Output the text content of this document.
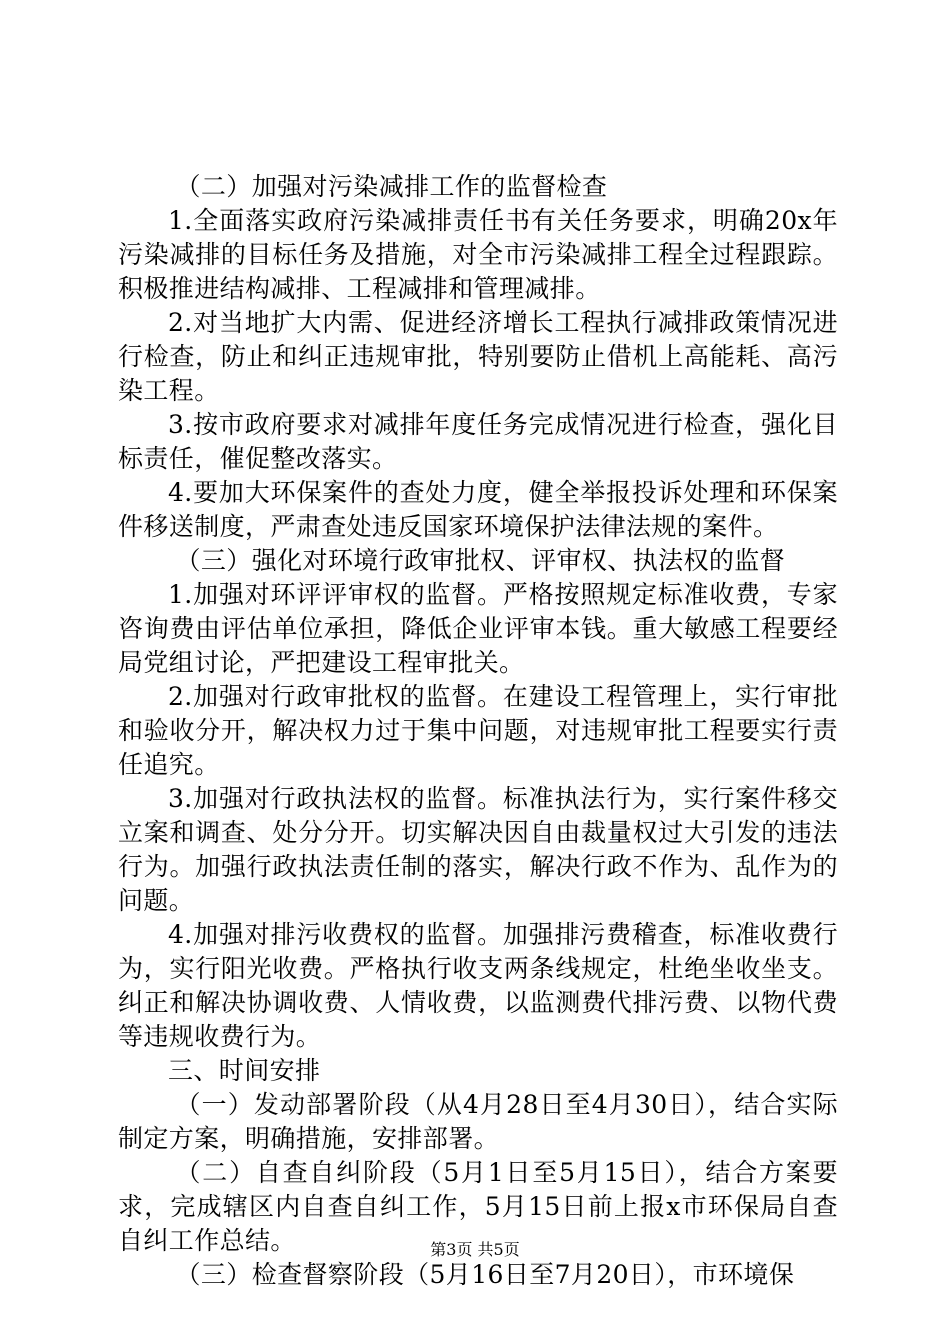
（二）加强对污染减排工作的监督检查

1.全面落实政府污染减排责任书有关任务要求，明确20x年污染减排的目标任务及措施，对全市污染减排工程全过程跟踪。积极推进结构减排、工程减排和管理减排。

2.对当地扩大内需、促进经济增长工程执行减排政策情况进行检查，防止和纠正违规审批，特别要防止借机上高能耗、高污染工程。

3.按市政府要求对减排年度任务完成情况进行检查，强化目标责任，催促整改落实。

4.要加大环保案件的查处力度，健全举报投诉处理和环保案件移送制度，严肃查处违反国家环境保护法律法规的案件。

（三）强化对环境行政审批权、评审权、执法权的监督

1.加强对环评评审权的监督。严格按照规定标准收费，专家咨询费由评估单位承担，降低企业评审本钱。重大敏感工程要经局党组讨论，严把建设工程审批关。

2.加强对行政审批权的监督。在建设工程管理上，实行审批和验收分开，解决权力过于集中问题，对违规审批工程要实行责任追究。

3.加强对行政执法权的监督。标准执法行为，实行案件移交立案和调查、处分分开。切实解决因自由裁量权过大引发的违法行为。加强行政执法责任制的落实，解决行政不作为、乱作为的问题。

4.加强对排污收费权的监督。加强排污费稽查，标准收费行为，实行阳光收费。严格执行收支两条线规定，杜绝坐收坐支。纠正和解决协调收费、人情收费，以监测费代排污费、以物代费等违规收费行为。

三、时间安排

（一）发动部署阶段（从4月28日至4月30日），结合实际制定方案，明确措施，安排部署。

（二）自查自纠阶段（5月1日至5月15日），结合方案要求，完成辖区内自查自纠工作，5月15日前上报x市环保局自查自纠工作总结。

（三）检查督察阶段（5月16日至7月20日），市环境保

第3页 共5页
